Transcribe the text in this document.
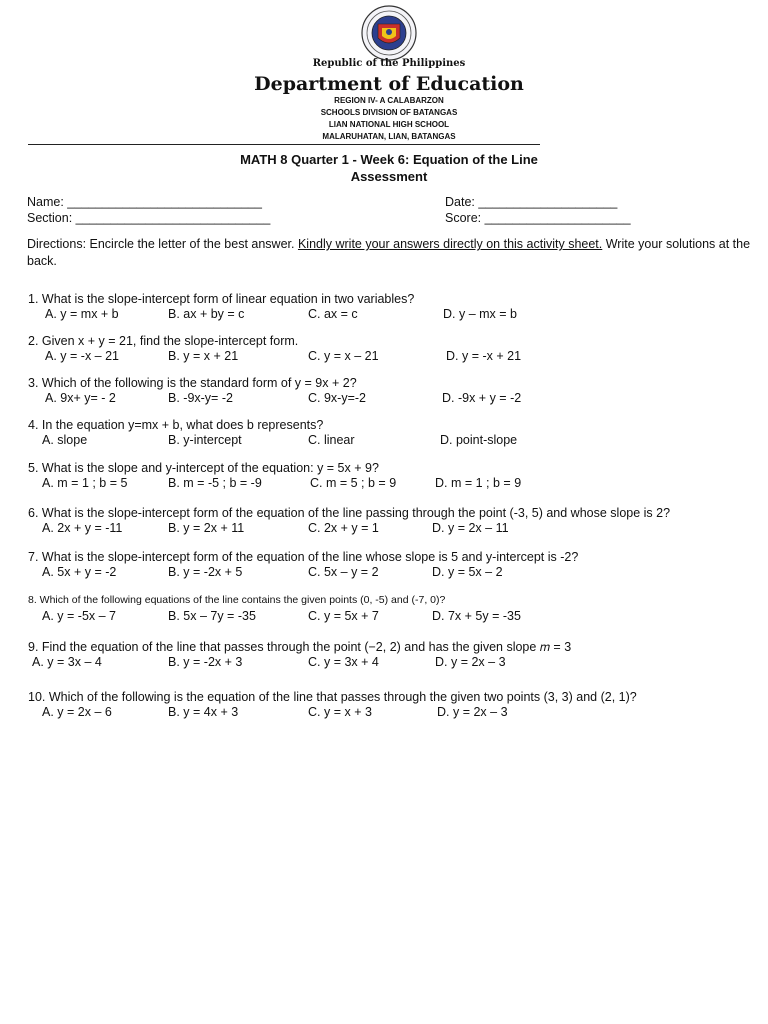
Republic of the Philippines
Department of Education
REGION IV- A CALABARZON
SCHOOLS DIVISION OF BATANGAS
LIAN NATIONAL HIGH SCHOOL
MALARUHATAN, LIAN, BATANGAS
MATH 8 Quarter 1 - Week 6: Equation of the Line
Assessment
Name: ____________________________
Section: ____________________________
Date: ____________________
Score: _____________________
Directions: Encircle the letter of the best answer. Kindly write your answers directly on this activity sheet. Write your solutions at the back.
1. What is the slope-intercept form of linear equation in two variables?
A. y = mx + b	B. ax + by = c	C. ax = c	D. y – mx = b
2. Given x + y = 21, find the slope-intercept form.
A. y = -x – 21	B. y = x + 21	C. y = x – 21	D. y = -x + 21
3. Which of the following is the standard form of y = 9x + 2?
A. 9x+ y= - 2	B. -9x-y= -2	C. 9x-y=-2	D. -9x + y = -2
4. In the equation y=mx + b, what does b represents?
A. slope	B. y-intercept	C. linear	D. point-slope
5. What is the slope and y-intercept of the equation: y = 5x + 9?
A. m = 1 ; b = 5	B. m = -5 ; b = -9	C. m = 5 ; b = 9	D. m = 1 ; b = 9
6. What is the slope-intercept form of the equation of the line passing through the point (-3, 5) and whose slope is 2?
A. 2x + y = -11	B. y = 2x + 11	C. 2x + y = 1	D. y = 2x – 11
7. What is the slope-intercept form of the equation of the line whose slope is 5 and y-intercept is -2?
A. 5x + y = -2	B. y = -2x + 5	C. 5x – y = 2	D. y = 5x – 2
8. Which of the following equations of the line contains the given points (0, -5) and (-7, 0)?
A. y = -5x – 7	B. 5x – 7y = -35	C. y = 5x + 7	D. 7x + 5y = -35
9. Find the equation of the line that passes through the point (−2, 2) and has the given slope 𝑚 = 3
A. y = 3x – 4	B. y = -2x + 3	C. y = 3x + 4	D. y = 2x – 3
10. Which of the following is the equation of the line that passes through the given two points (3, 3) and (2, 1)?
A. y = 2x – 6	B. y = 4x + 3	C. y = x + 3	D. y = 2x – 3
